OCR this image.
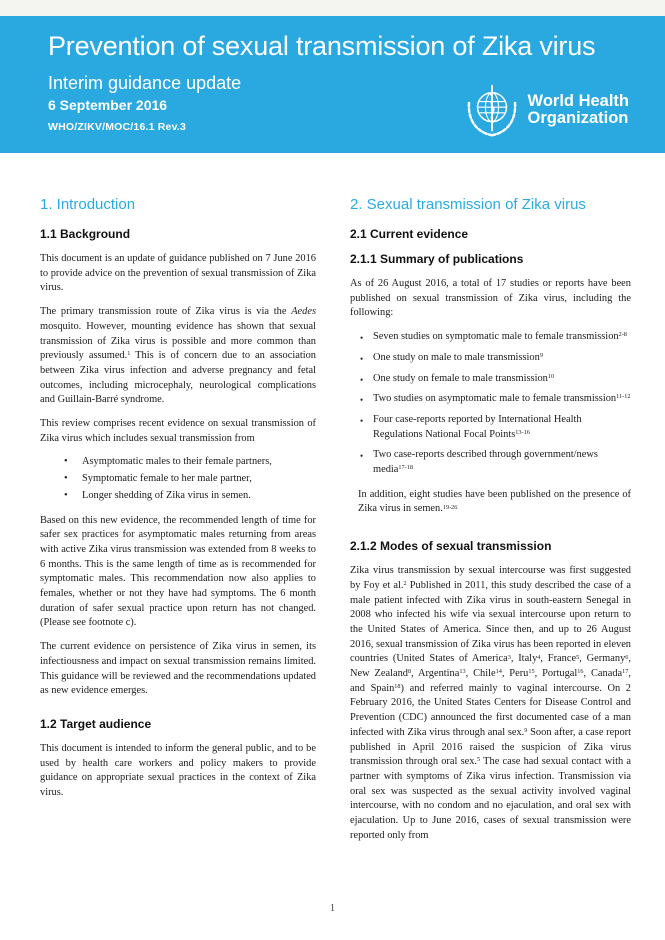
Prevention of sexual transmission of Zika virus
Interim guidance update
6 September 2016
WHO/ZIKV/MOC/16.1 Rev.3
World Health
Organization
1. Introduction
1.1 Background

This document is an update of guidance published on 7 June 2016 to provide advice on the prevention of sexual transmission of Zika virus.

The primary transmission route of Zika virus is via the Aedes mosquito. However, mounting evidence has shown that sexual transmission of Zika virus is possible and more common than previously assumed.$^1$ This is of concern due to an association between Zika virus infection and adverse pregnancy and fetal outcomes, including microcephaly, neurological complications and Guillain-Barré syndrome.

This review comprises recent evidence on sexual transmission of Zika virus which includes sexual transmission from

• Asymptomatic males to their female partners,
• Symptomatic female to her male partner,
• Longer shedding of Zika virus in semen.

Based on this new evidence, the recommended length of time for safer sex practices for asymptomatic males returning from areas with active Zika virus transmission was extended from 8 weeks to 6 months. This is the same length of time as is recommended for symptomatic males. This recommendation now also applies to females, whether or not they have had symptoms. The 6 month duration of safer sexual practice upon return has not changed. (Please see footnote c).

The current evidence on persistence of Zika virus in semen, its infectiousness and impact on sexual transmission remains limited. This guidance will be reviewed and the recommendations updated as new evidence emerges.

1.2 Target audience

This document is intended to inform the general public, and to be used by health care workers and policy makers to provide guidance on appropriate sexual practices in the context of Zika virus.

2. Sexual transmission of Zika virus
2.1 Current evidence
2.1.1 Summary of publications

As of 26 August 2016, a total of 17 studies or reports have been published on sexual transmission of Zika virus, including the following:

• Seven studies on symptomatic male to female transmission$^{2-8}$
• One study on male to male transmission$^9$
• One study on female to male transmission$^{10}$
• Two studies on asymptomatic male to female transmission$^{11-12}$
• Four case-reports reported by International Health Regulations National Focal Points$^{13-16}$
• Two case-reports described through government/news media$^{17-18}$

In addition, eight studies have been published on the presence of Zika virus in semen.$^{19-26}$

2.1.2 Modes of sexual transmission

Zika virus transmission by sexual intercourse was first suggested by Foy et al.$^2$ Published in 2011, this study described the case of a male patient infected with Zika virus in south-eastern Senegal in 2008 who infected his wife via sexual intercourse upon return to the United States of America. Since then, and up to 26 August 2016, sexual transmission of Zika virus has been reported in eleven countries (United States of America$^3$, Italy$^4$, France$^5$, Germany$^6$, New Zealand$^8$, Argentina$^{13}$, Chile$^{14}$, Peru$^{15}$, Portugal$^{16}$, Canada$^{17}$, and Spain$^{18}$) and referred mainly to vaginal intercourse. On 2 February 2016, the United States Centers for Disease Control and Prevention (CDC) announced the first documented case of a man infected with Zika virus through anal sex.$^9$ Soon after, a case report published in April 2016 raised the suspicion of Zika virus transmission through oral sex.$^5$ The case had sexual contact with a partner with symptoms of Zika virus infection. Transmission via oral sex was suspected as the sexual activity involved vaginal intercourse, with no condom and no ejaculation, and oral sex with ejaculation. Up to June 2016, cases of sexual transmission were reported only from

1
